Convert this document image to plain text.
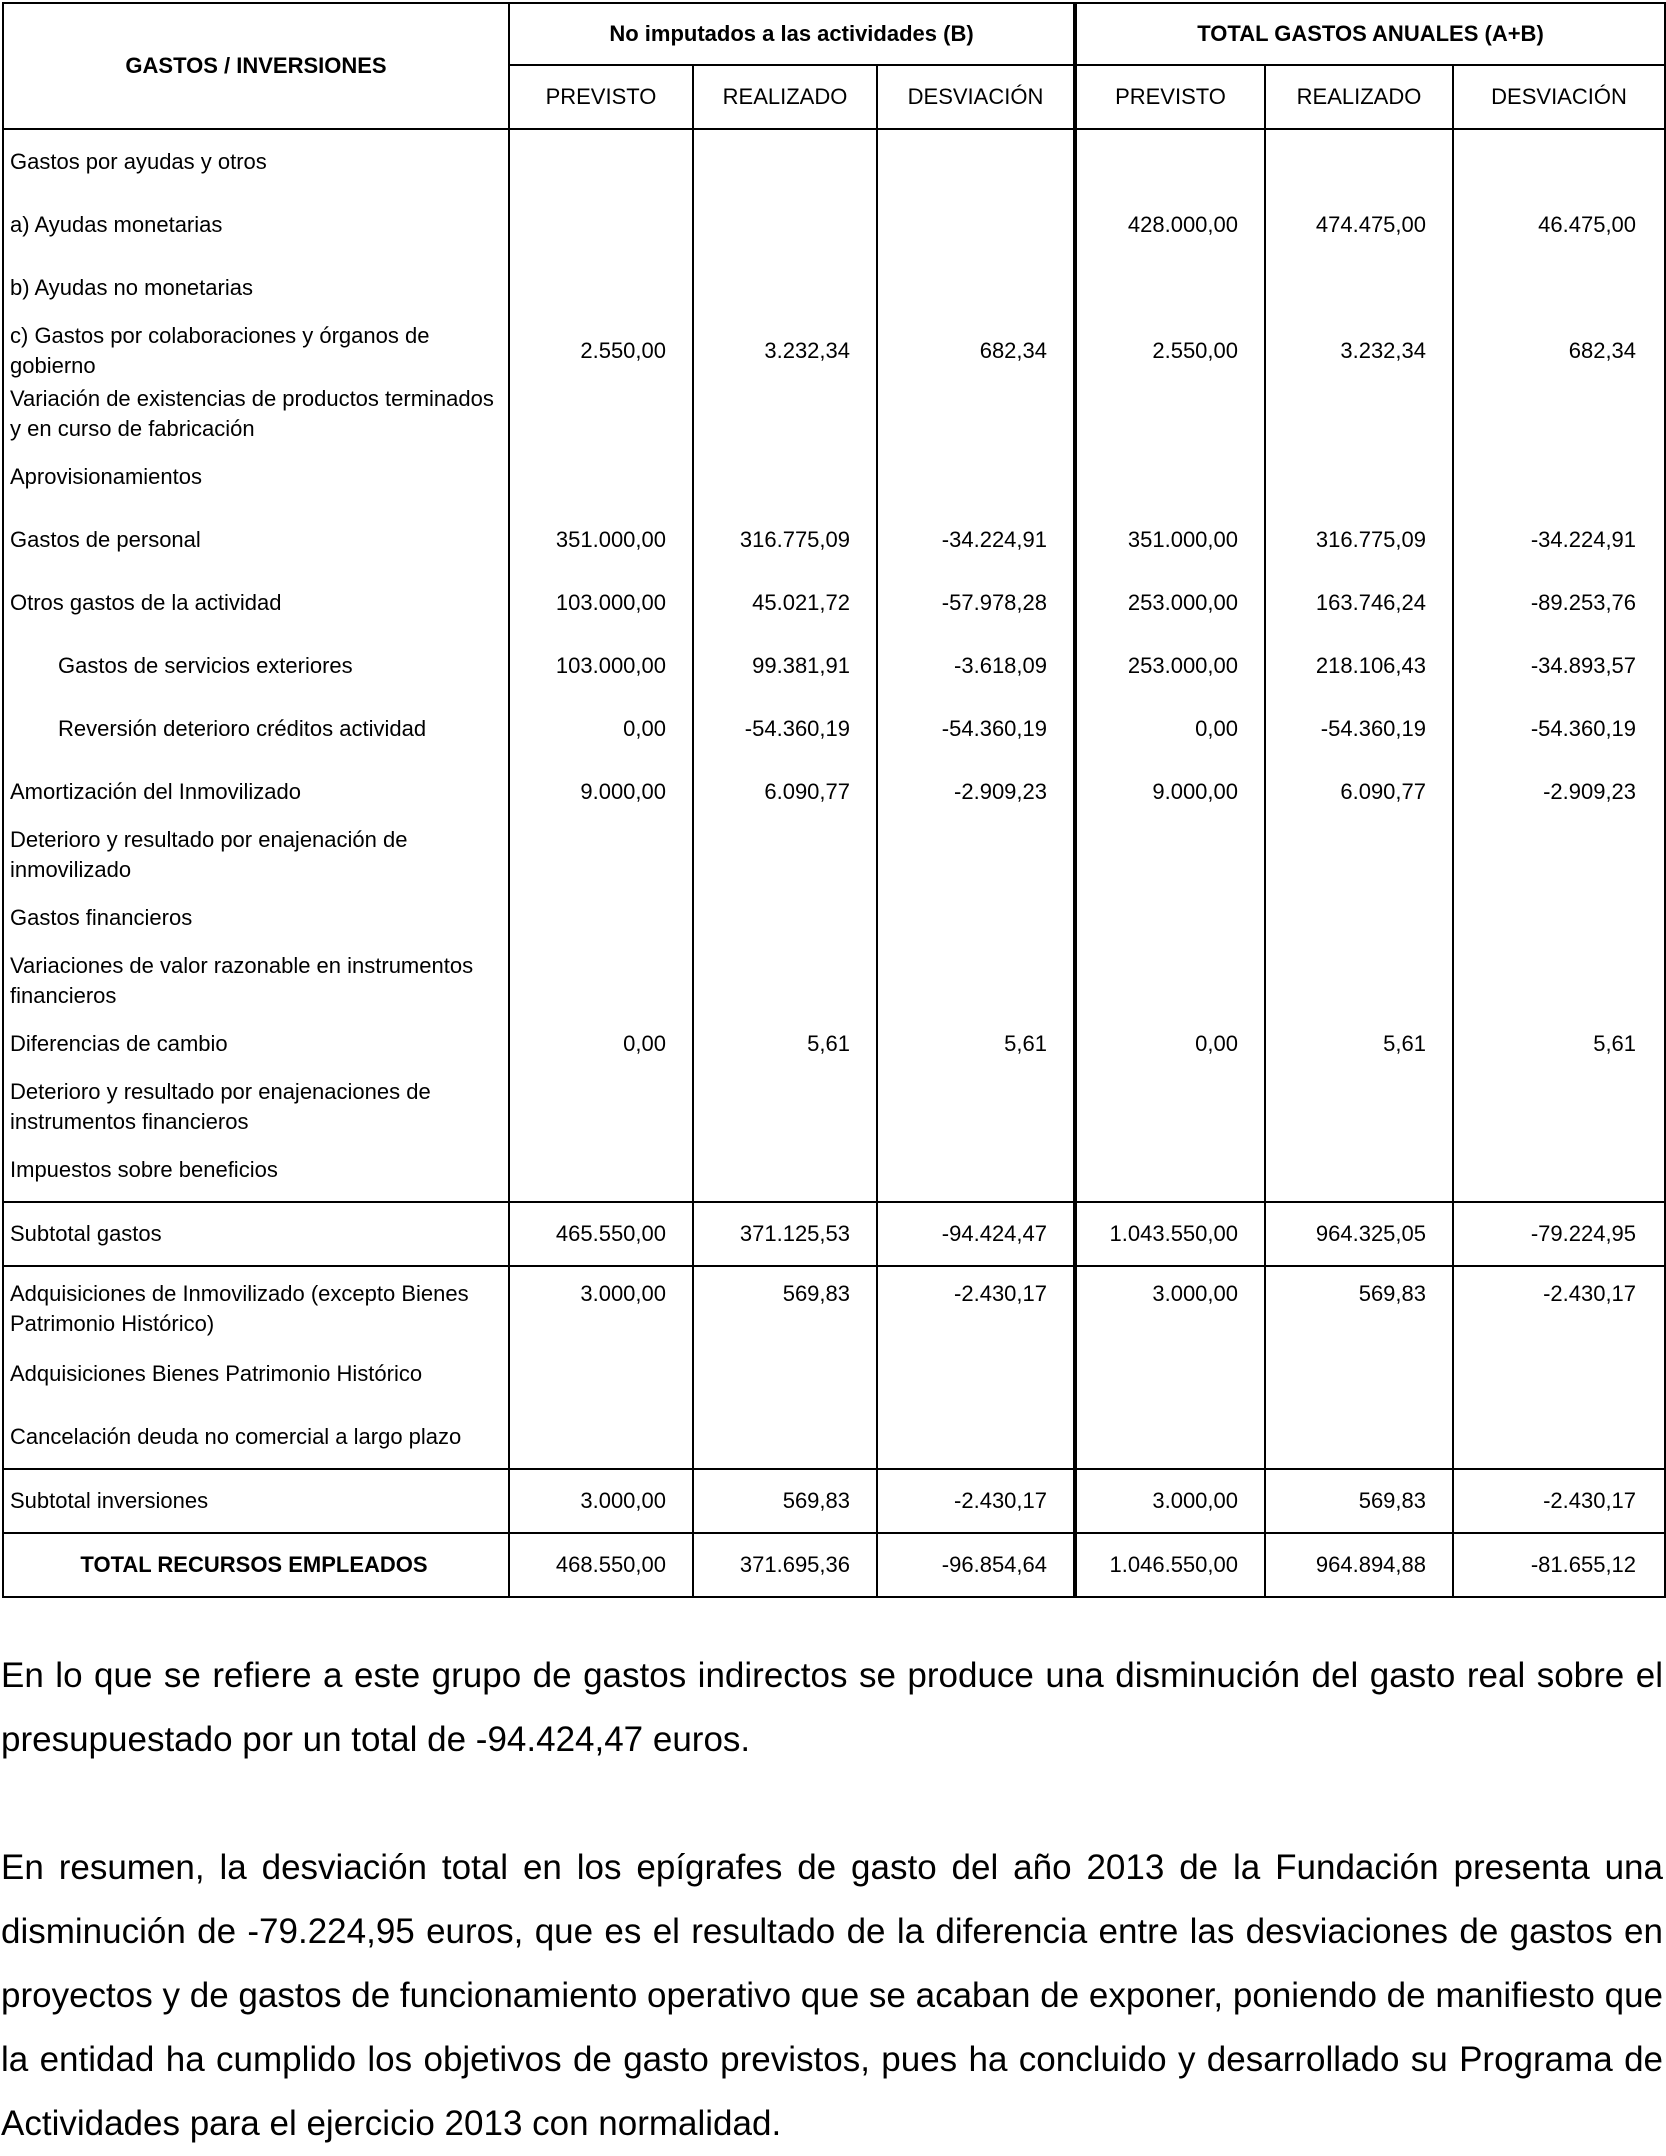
GASTOS / INVERSIONES	No imputados a las actividades (B)			TOTAL GASTOS ANUALES (A+B)		
	PREVISTO	REALIZADO	DESVIACIÓN	PREVISTO	REALIZADO	DESVIACIÓN
Gastos por ayudas y otros						
a) Ayudas monetarias				428.000,00	474.475,00	46.475,00
b) Ayudas no monetarias						
c) Gastos por colaboraciones y órganos de gobierno	2.550,00	3.232,34	682,34	2.550,00	3.232,34	682,34
Variación de existencias de productos terminados y en curso de fabricación						
Aprovisionamientos						
Gastos de personal	351.000,00	316.775,09	-34.224,91	351.000,00	316.775,09	-34.224,91
Otros gastos de la actividad	103.000,00	45.021,72	-57.978,28	253.000,00	163.746,24	-89.253,76
Gastos de servicios exteriores	103.000,00	99.381,91	-3.618,09	253.000,00	218.106,43	-34.893,57
Reversión deterioro créditos actividad	0,00	-54.360,19	-54.360,19	0,00	-54.360,19	-54.360,19
Amortización del Inmovilizado	9.000,00	6.090,77	-2.909,23	9.000,00	6.090,77	-2.909,23
Deterioro y resultado por enajenación de inmovilizado						
Gastos financieros						
Variaciones de valor razonable en instrumentos financieros						
Diferencias de cambio	0,00	5,61	5,61	0,00	5,61	5,61
Deterioro y resultado por enajenaciones de instrumentos financieros						
Impuestos sobre beneficios						
Subtotal gastos	465.550,00	371.125,53	-94.424,47	1.043.550,00	964.325,05	-79.224,95
Adquisiciones de Inmovilizado (excepto Bienes Patrimonio Histórico)	3.000,00	569,83	-2.430,17	3.000,00	569,83	-2.430,17
Adquisiciones Bienes Patrimonio Histórico						
Cancelación deuda no comercial a largo plazo						
Subtotal inversiones	3.000,00	569,83	-2.430,17	3.000,00	569,83	-2.430,17
TOTAL RECURSOS EMPLEADOS	468.550,00	371.695,36	-96.854,64	1.046.550,00	964.894,88	-81.655,12

En lo que se refiere a este grupo de gastos indirectos se produce una disminución del gasto real sobre el presupuestado por un total de -94.424,47 euros.

En resumen, la desviación total en los epígrafes de gasto del año 2013 de la Fundación presenta una disminución de -79.224,95 euros, que es el resultado de la diferencia entre las desviaciones de gastos en proyectos y de gastos de funcionamiento operativo que se acaban de exponer, poniendo de manifiesto que la entidad ha cumplido los objetivos de gasto previstos, pues ha concluido y desarrollado su Programa de Actividades para el ejercicio 2013 con normalidad.
